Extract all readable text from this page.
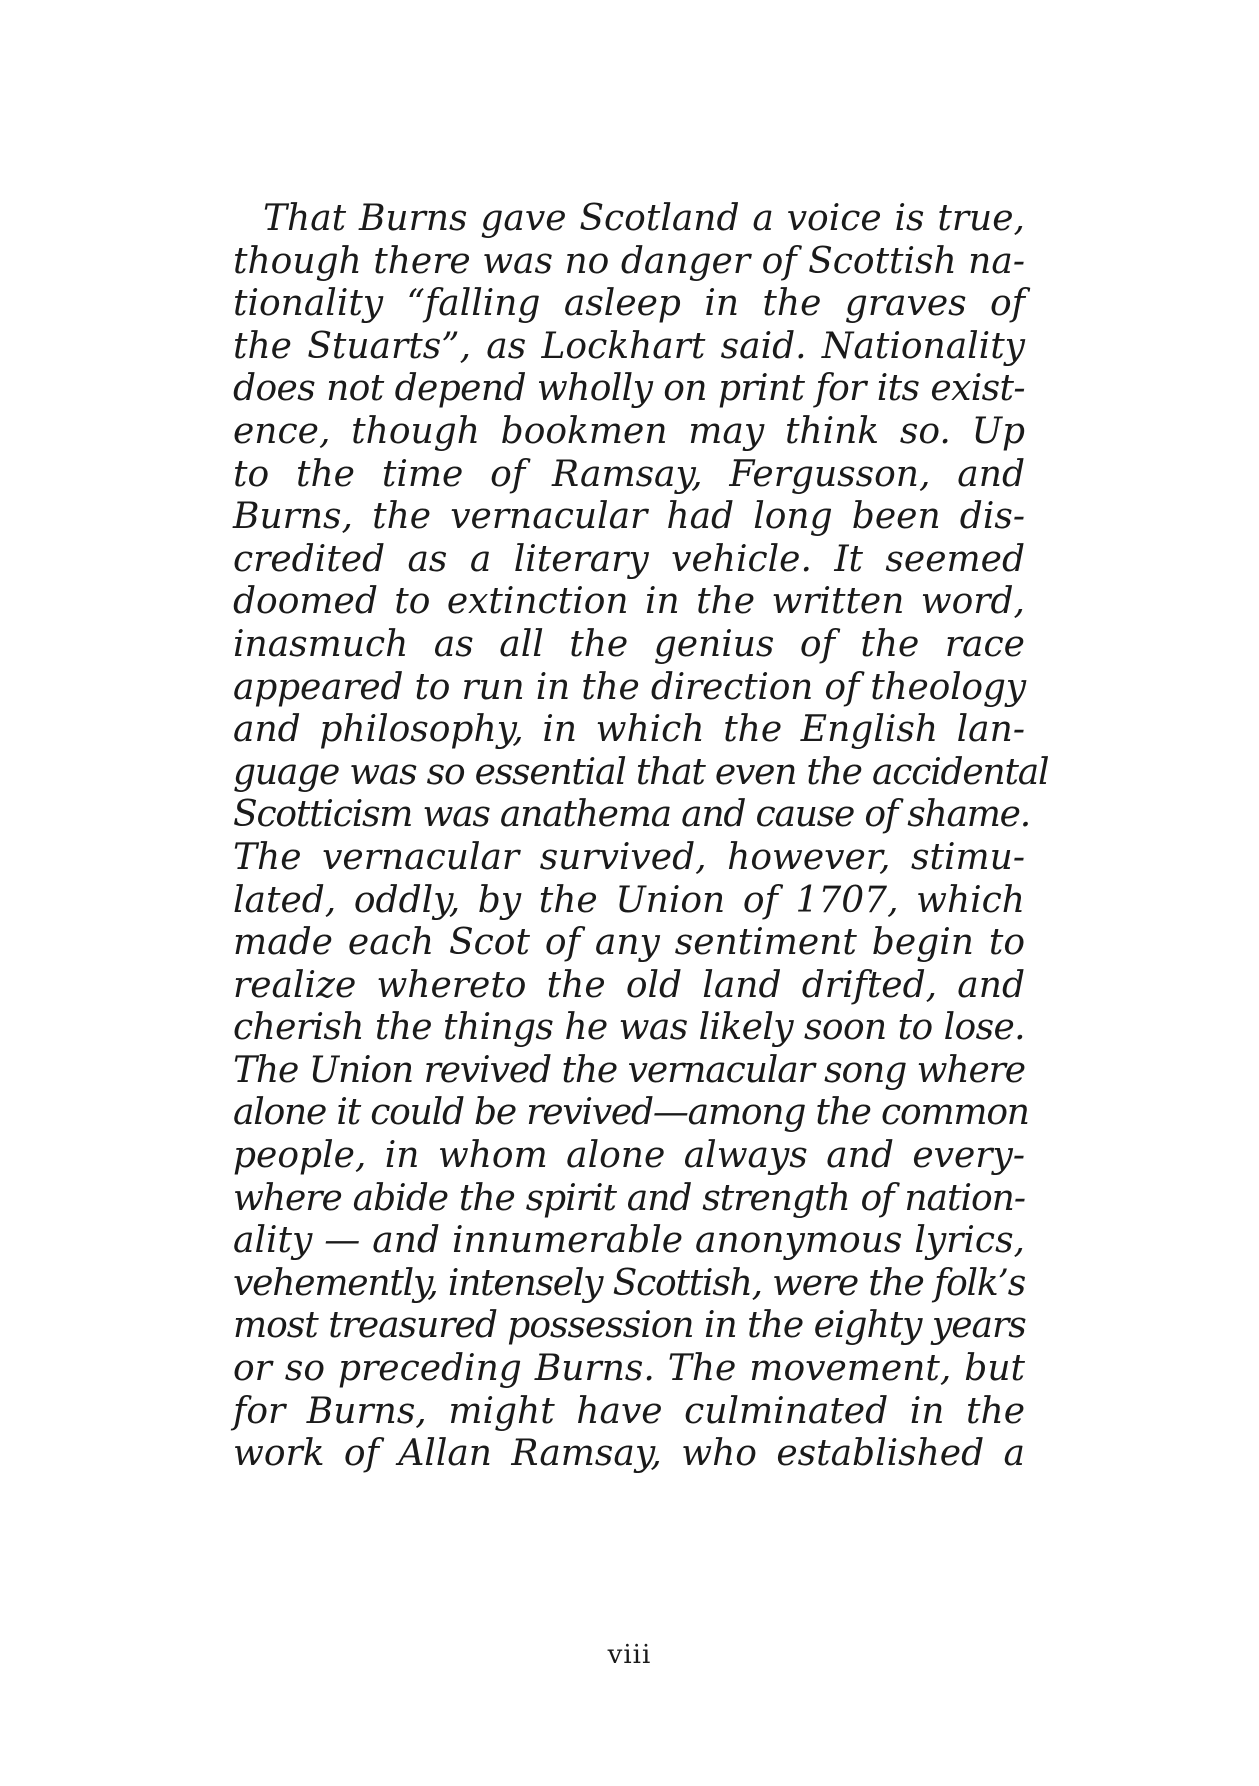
That Burns gave Scotland a voice is true,
though there was no danger of Scottish na-
tionality “falling asleep in the graves of
the Stuarts”, as Lockhart said. Nationality
does not depend wholly on print for its exist-
ence, though bookmen may think so. Up
to the time of Ramsay, Fergusson, and
Burns, the vernacular had long been dis-
credited as a literary vehicle. It seemed
doomed to extinction in the written word,
inasmuch as all the genius of the race
appeared to run in the direction of theology
and philosophy, in which the English lan-
guage was so essential that even the accidental
Scotticism was anathema and cause of shame.
The vernacular survived, however, stimu-
lated, oddly, by the Union of 1707, which
made each Scot of any sentiment begin to
realize whereto the old land drifted, and
cherish the things he was likely soon to lose.
The Union revived the vernacular song where
alone it could be revived—among the common
people, in whom alone always and every-
where abide the spirit and strength of nation-
ality — and innumerable anonymous lyrics,
vehemently, intensely Scottish, were the folk’s
most treasured possession in the eighty years
or so preceding Burns. The movement, but
for Burns, might have culminated in the
work of Allan Ramsay, who established a
viii
